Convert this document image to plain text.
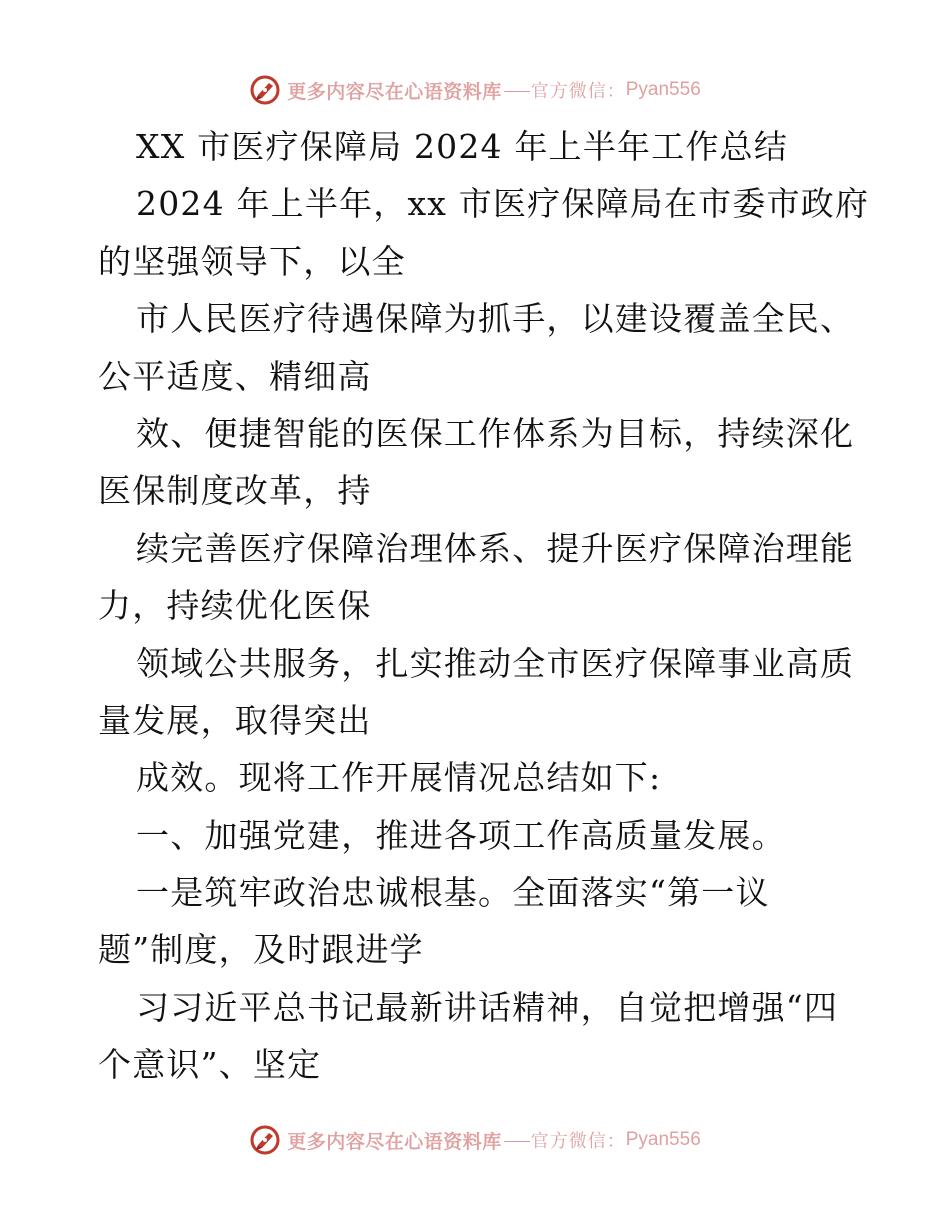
更多内容尽在心语资料库 官方微信： Pyan556
XX 市医疗保障局 2024 年上半年工作总结
2024 年上半年，xx 市医疗保障局在市委市政府
的坚强领导下，以全
市人民医疗待遇保障为抓手，以建设覆盖全民、
公平适度、精细高
效、便捷智能的医保工作体系为目标，持续深化
医保制度改革，持
续完善医疗保障治理体系、提升医疗保障治理能
力，持续优化医保
领域公共服务，扎实推动全市医疗保障事业高质
量发展，取得突出
成效。现将工作开展情况总结如下:
一、加强党建，推进各项工作高质量发展。
一是筑牢政治忠诚根基。全面落实“第一议
题”制度，及时跟进学
习习近平总书记最新讲话精神，自觉把增强“四
个意识”、坚定
更多内容尽在心语资料库 官方微信： Pyan556
